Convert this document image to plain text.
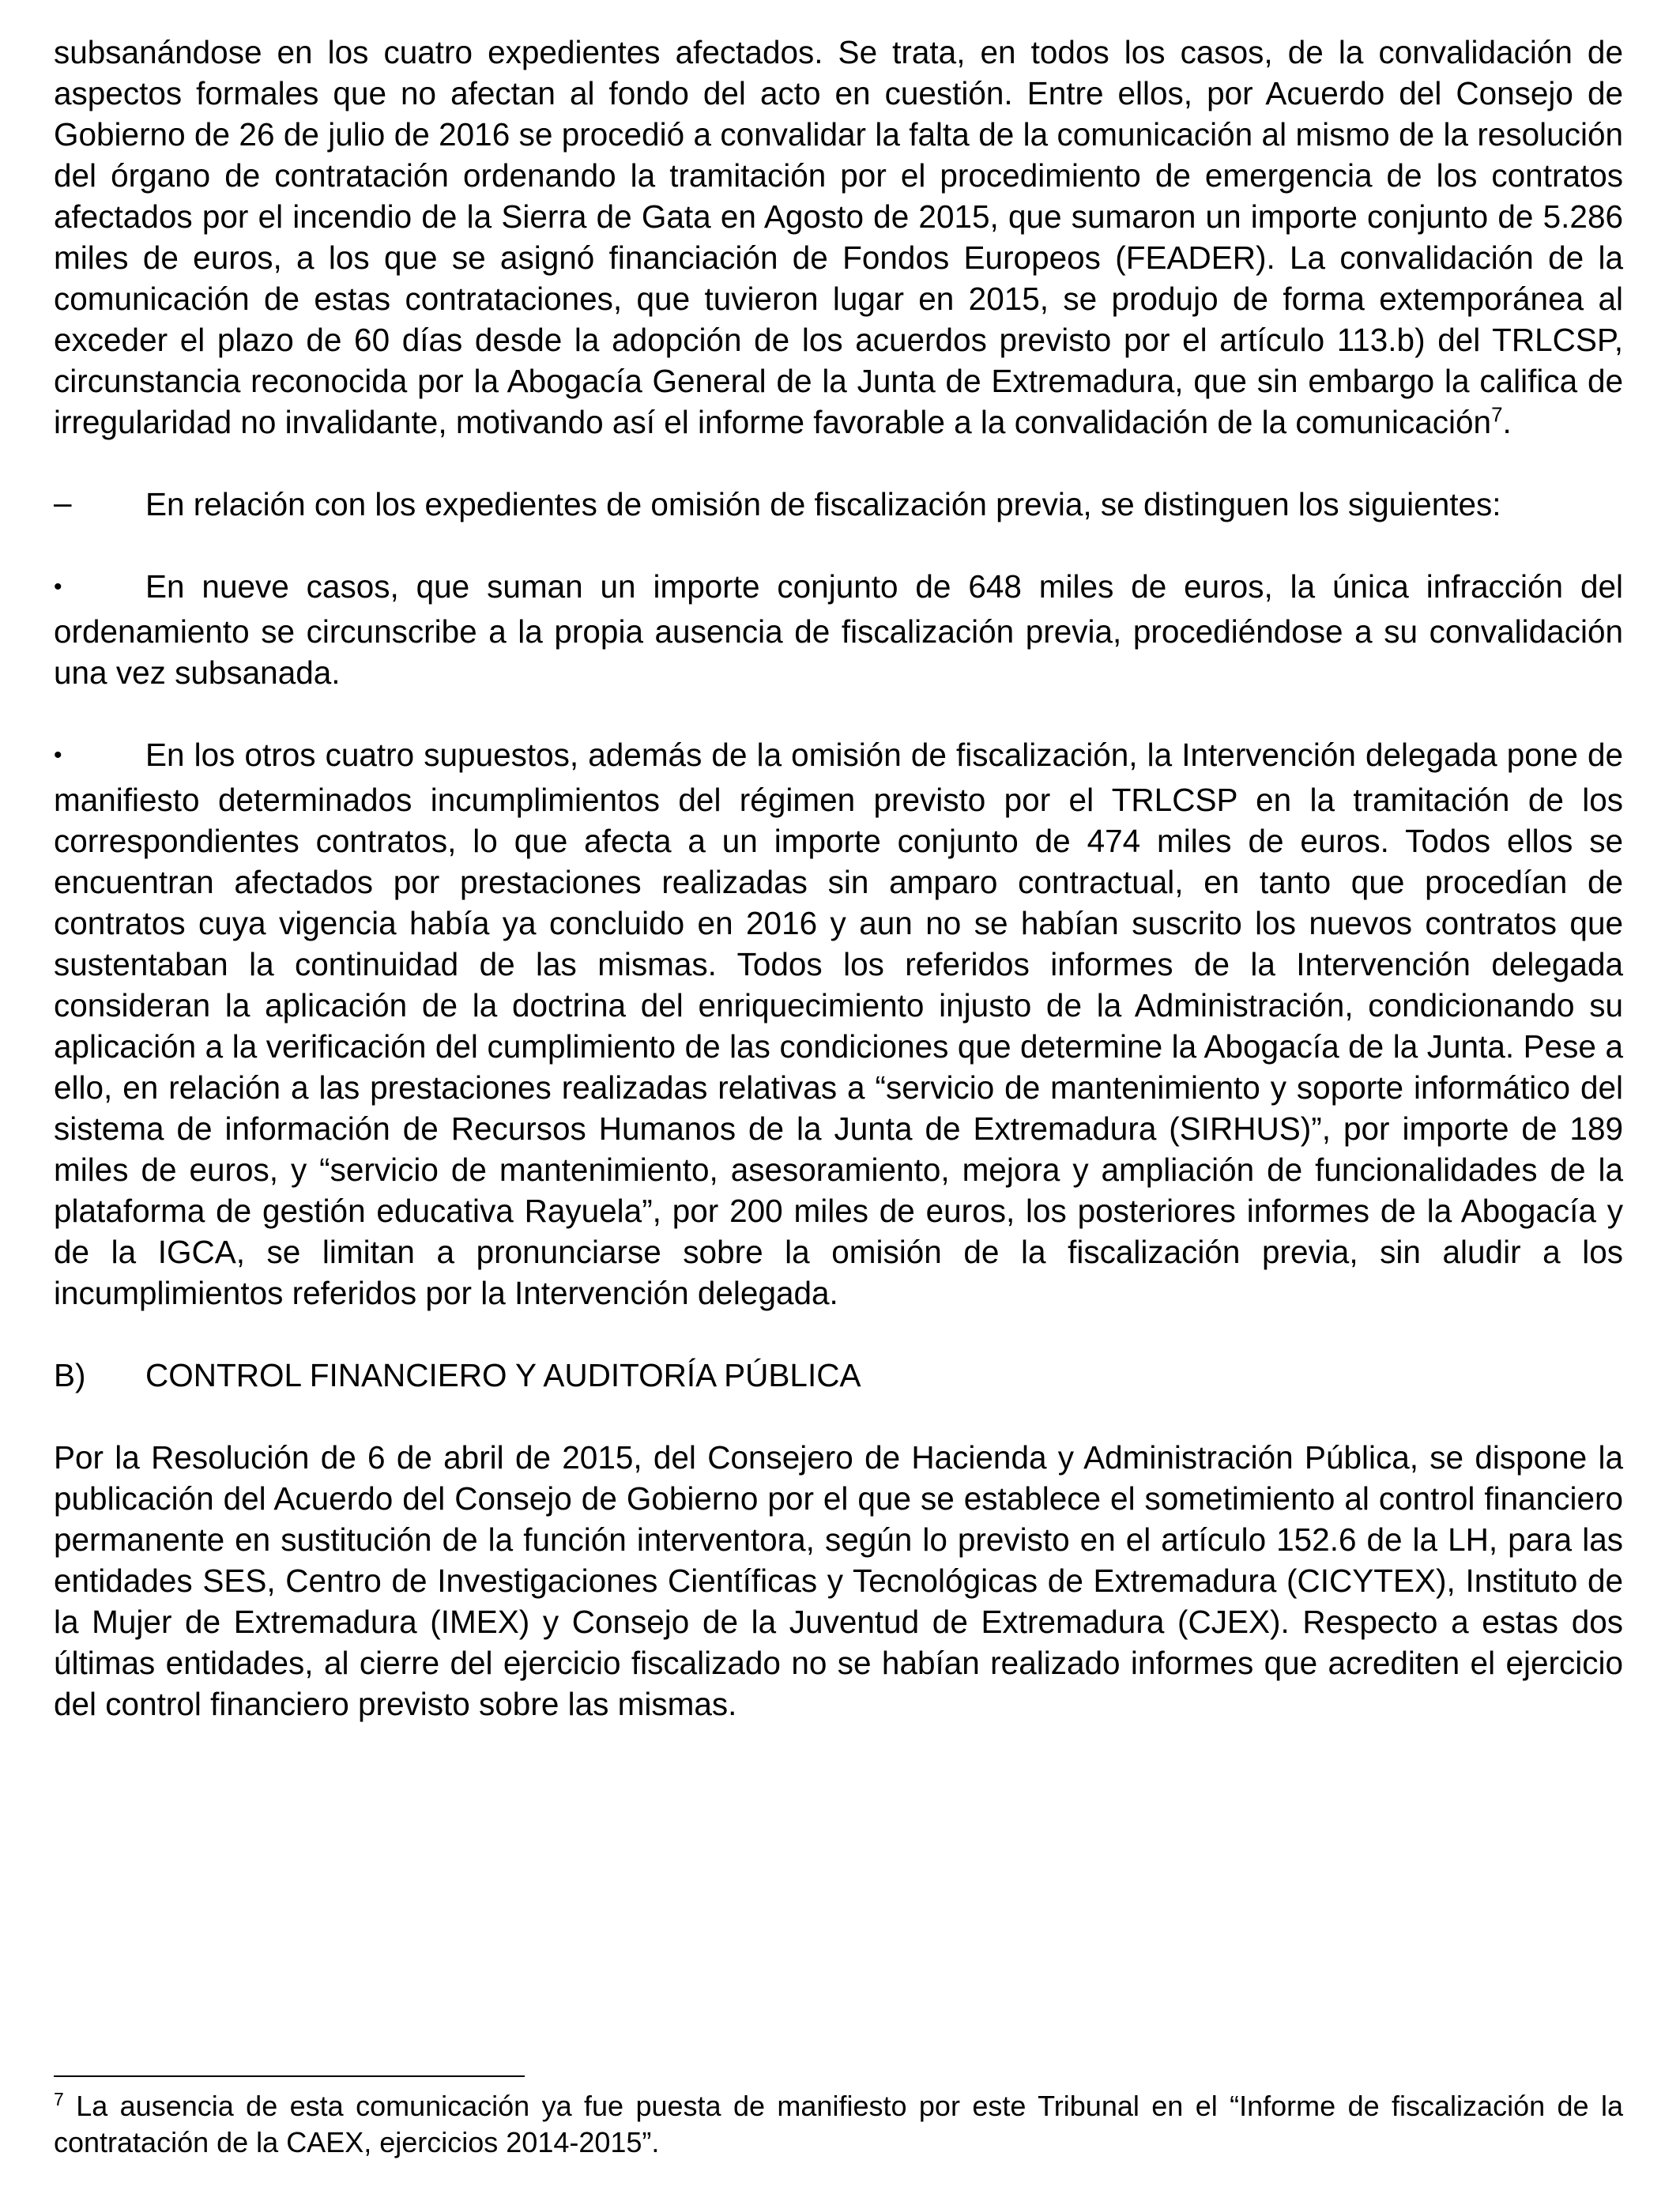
subsanándose en los cuatro expedientes afectados. Se trata, en todos los casos, de la convalidación de aspectos formales que no afectan al fondo del acto en cuestión. Entre ellos, por Acuerdo del Consejo de Gobierno de 26 de julio de 2016 se procedió a convalidar la falta de la comunicación al mismo de la resolución del órgano de contratación ordenando la tramitación por el procedimiento de emergencia de los contratos afectados por el incendio de la Sierra de Gata en Agosto de 2015, que sumaron un importe conjunto de 5.286 miles de euros, a los que se asignó financiación de Fondos Europeos (FEADER). La convalidación de la comunicación de estas contrataciones, que tuvieron lugar en 2015, se produjo de forma extemporánea al exceder el plazo de 60 días desde la adopción de los acuerdos previsto por el artículo 113.b) del TRLCSP, circunstancia reconocida por la Abogacía General de la Junta de Extremadura, que sin embargo la califica de irregularidad no invalidante, motivando así el informe favorable a la convalidación de la comunicación$^7$.

– En relación con los expedientes de omisión de fiscalización previa, se distinguen los siguientes:

•	En nueve casos, que suman un importe conjunto de 648 miles de euros, la única infracción del ordenamiento se circunscribe a la propia ausencia de fiscalización previa, procediéndose a su convalidación una vez subsanada.

•	En los otros cuatro supuestos, además de la omisión de fiscalización, la Intervención delegada pone de manifiesto determinados incumplimientos del régimen previsto por el TRLCSP en la tramitación de los correspondientes contratos, lo que afecta a un importe conjunto de 474 miles de euros. Todos ellos se encuentran afectados por prestaciones realizadas sin amparo contractual, en tanto que procedían de contratos cuya vigencia había ya concluido en 2016 y aun no se habían suscrito los nuevos contratos que sustentaban la continuidad de las mismas. Todos los referidos informes de la Intervención delegada consideran la aplicación de la doctrina del enriquecimiento injusto de la Administración, condicionando su aplicación a la verificación del cumplimiento de las condiciones que determine la Abogacía de la Junta. Pese a ello, en relación a las prestaciones realizadas relativas a “servicio de mantenimiento y soporte informático del sistema de información de Recursos Humanos de la Junta de Extremadura (SIRHUS)”, por importe de 189 miles de euros, y “servicio de mantenimiento, asesoramiento, mejora y ampliación de funcionalidades de la plataforma de gestión educativa Rayuela”, por 200 miles de euros, los posteriores informes de la Abogacía y de la IGCA, se limitan a pronunciarse sobre la omisión de la fiscalización previa, sin aludir a los incumplimientos referidos por la Intervención delegada.

B) CONTROL FINANCIERO Y AUDITORÍA PÚBLICA

Por la Resolución de 6 de abril de 2015, del Consejero de Hacienda y Administración Pública, se dispone la publicación del Acuerdo del Consejo de Gobierno por el que se establece el sometimiento al control financiero permanente en sustitución de la función interventora, según lo previsto en el artículo 152.6 de la LH, para las entidades SES, Centro de Investigaciones Científicas y Tecnológicas de Extremadura (CICYTEX), Instituto de la Mujer de Extremadura (IMEX) y Consejo de la Juventud de Extremadura (CJEX). Respecto a estas dos últimas entidades, al cierre del ejercicio fiscalizado no se habían realizado informes que acrediten el ejercicio del control financiero previsto sobre las mismas.

$^7$ La ausencia de esta comunicación ya fue puesta de manifiesto por este Tribunal en el “Informe de fiscalización de la contratación de la CAEX, ejercicios 2014-2015”.
